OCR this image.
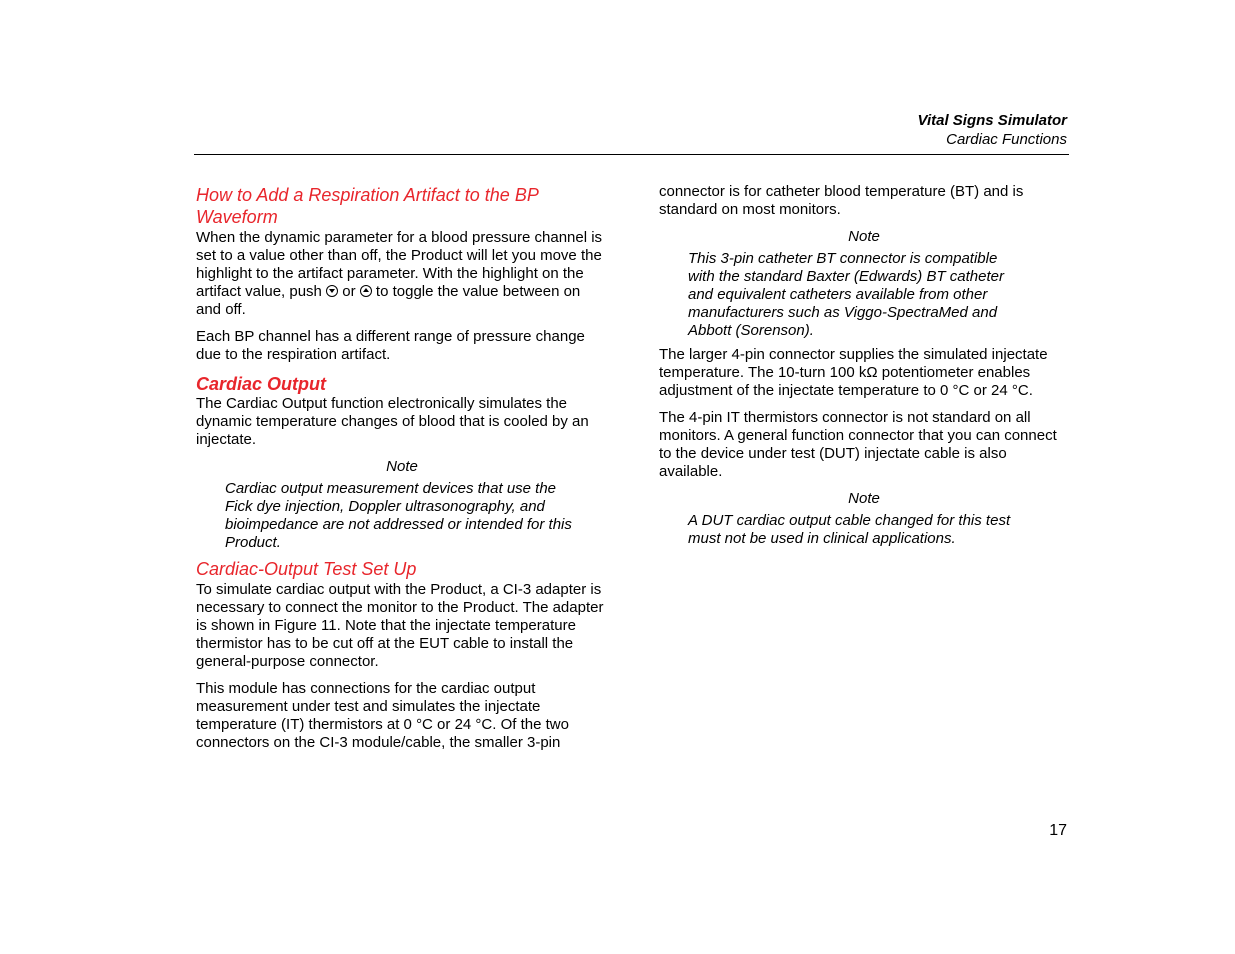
Vital Signs Simulator
Cardiac Functions
How to Add a Respiration Artifact to the BP Waveform

When the dynamic parameter for a blood pressure channel is set to a value other than off, the Product will let you move the highlight to the artifact parameter. With the highlight on the artifact value, push  or  to toggle the value between on and off.

Each BP channel has a different range of pressure change due to the respiration artifact.

Cardiac Output

The Cardiac Output function electronically simulates the dynamic temperature changes of blood that is cooled by an injectate.

Note
Cardiac output measurement devices that use the Fick dye injection, Doppler ultrasonography, and bioimpedance are not addressed or intended for this Product.
Cardiac-Output Test Set Up

To simulate cardiac output with the Product, a CI-3 adapter is necessary to connect the monitor to the Product. The adapter is shown in Figure 11. Note that the injectate temperature thermistor has to be cut off at the EUT cable to install the general-purpose connector.

This module has connections for the cardiac output measurement under test and simulates the injectate temperature (IT) thermistors at 0 °C or 24 °C. Of the two connectors on the CI-3 module/cable, the smaller 3-pin

connector is for catheter blood temperature (BT) and is standard on most monitors.

Note
This 3-pin catheter BT connector is compatible with the standard Baxter (Edwards) BT catheter and equivalent catheters available from other manufacturers such as Viggo-SpectraMed and Abbott (Sorenson).

The larger 4-pin connector supplies the simulated injectate temperature. The 10-turn 100 kΩ potentiometer enables adjustment of the injectate temperature to 0 °C or 24 °C.

The 4-pin IT thermistors connector is not standard on all monitors. A general function connector that you can connect to the device under test (DUT) injectate cable is also available.

Note
A DUT cardiac output cable changed for this test must not be used in clinical applications.
17
